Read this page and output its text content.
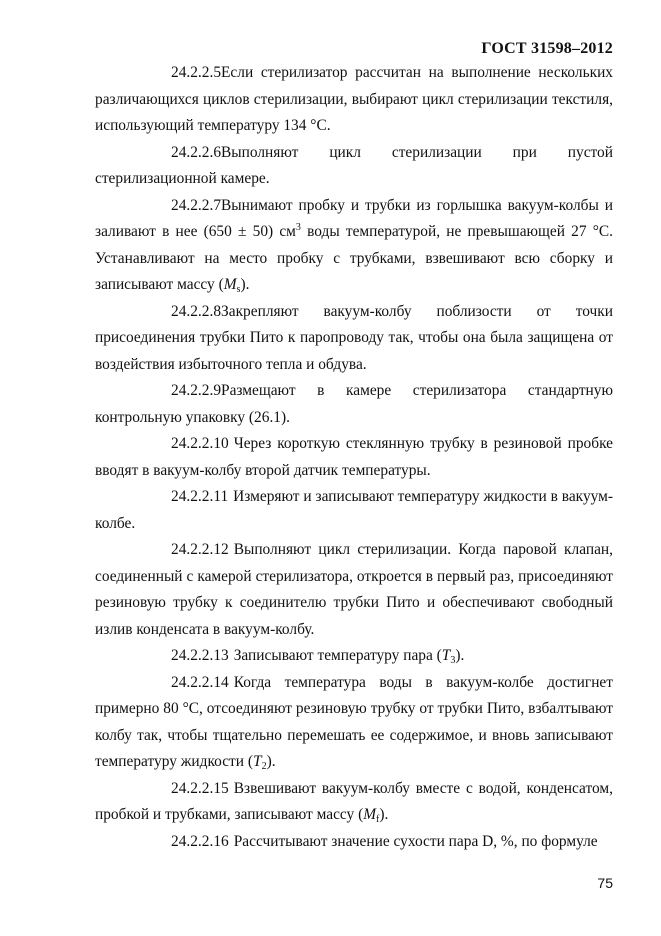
ГОСТ 31598–2012

24.2.2.5Если стерилизатор рассчитан на выполнение нескольких различающихся циклов стерилизации, выбирают цикл стерилизации текстиля, использующий температуру 134 °С.

24.2.2.6Выполняют цикл стерилизации при пустой стерилизационной камере.

24.2.2.7Вынимают пробку и трубки из горлышка вакуум-колбы и заливают в нее (650 ± 50) $см^3$ воды температурой, не превышающей 27 °С. Устанавливают на место пробку с трубками, взвешивают всю сборку и записывают массу $(M_s)$.

24.2.2.8Закрепляют вакуум-колбу поблизости от точки присоединения трубки Пито к паропроводу так, чтобы она была защищена от воздействия избыточного тепла и обдува.

24.2.2.9Размещают в камере стерилизатора стандартную контрольную упаковку (26.1).

24.2.2.10 Через короткую стеклянную трубку в резиновой пробке вводят в вакуум-колбу второй датчик температуры.

24.2.2.11 Измеряют и записывают температуру жидкости в вакуум-колбе.

24.2.2.12 Выполняют цикл стерилизации. Когда паровой клапан, соединенный с камерой стерилизатора, откроется в первый раз, присоединяют резиновую трубку к соединителю трубки Пито и обеспечивают свободный излив конденсата в вакуум-колбу.

24.2.2.13 Записывают температуру пара $(T_3)$.

24.2.2.14 Когда температура воды в вакуум-колбе достигнет примерно 80 °С, отсоединяют резиновую трубку от трубки Пито, взбалтывают колбу так, чтобы тщательно перемешать ее содержимое, и вновь записывают температуру жидкости $(T_2)$.

24.2.2.15 Взвешивают вакуум-колбу вместе с водой, конденсатом, пробкой и трубками, записывают массу $(M_f)$.

24.2.2.16 Рассчитывают значение сухости пара D, %, по формуле

75
